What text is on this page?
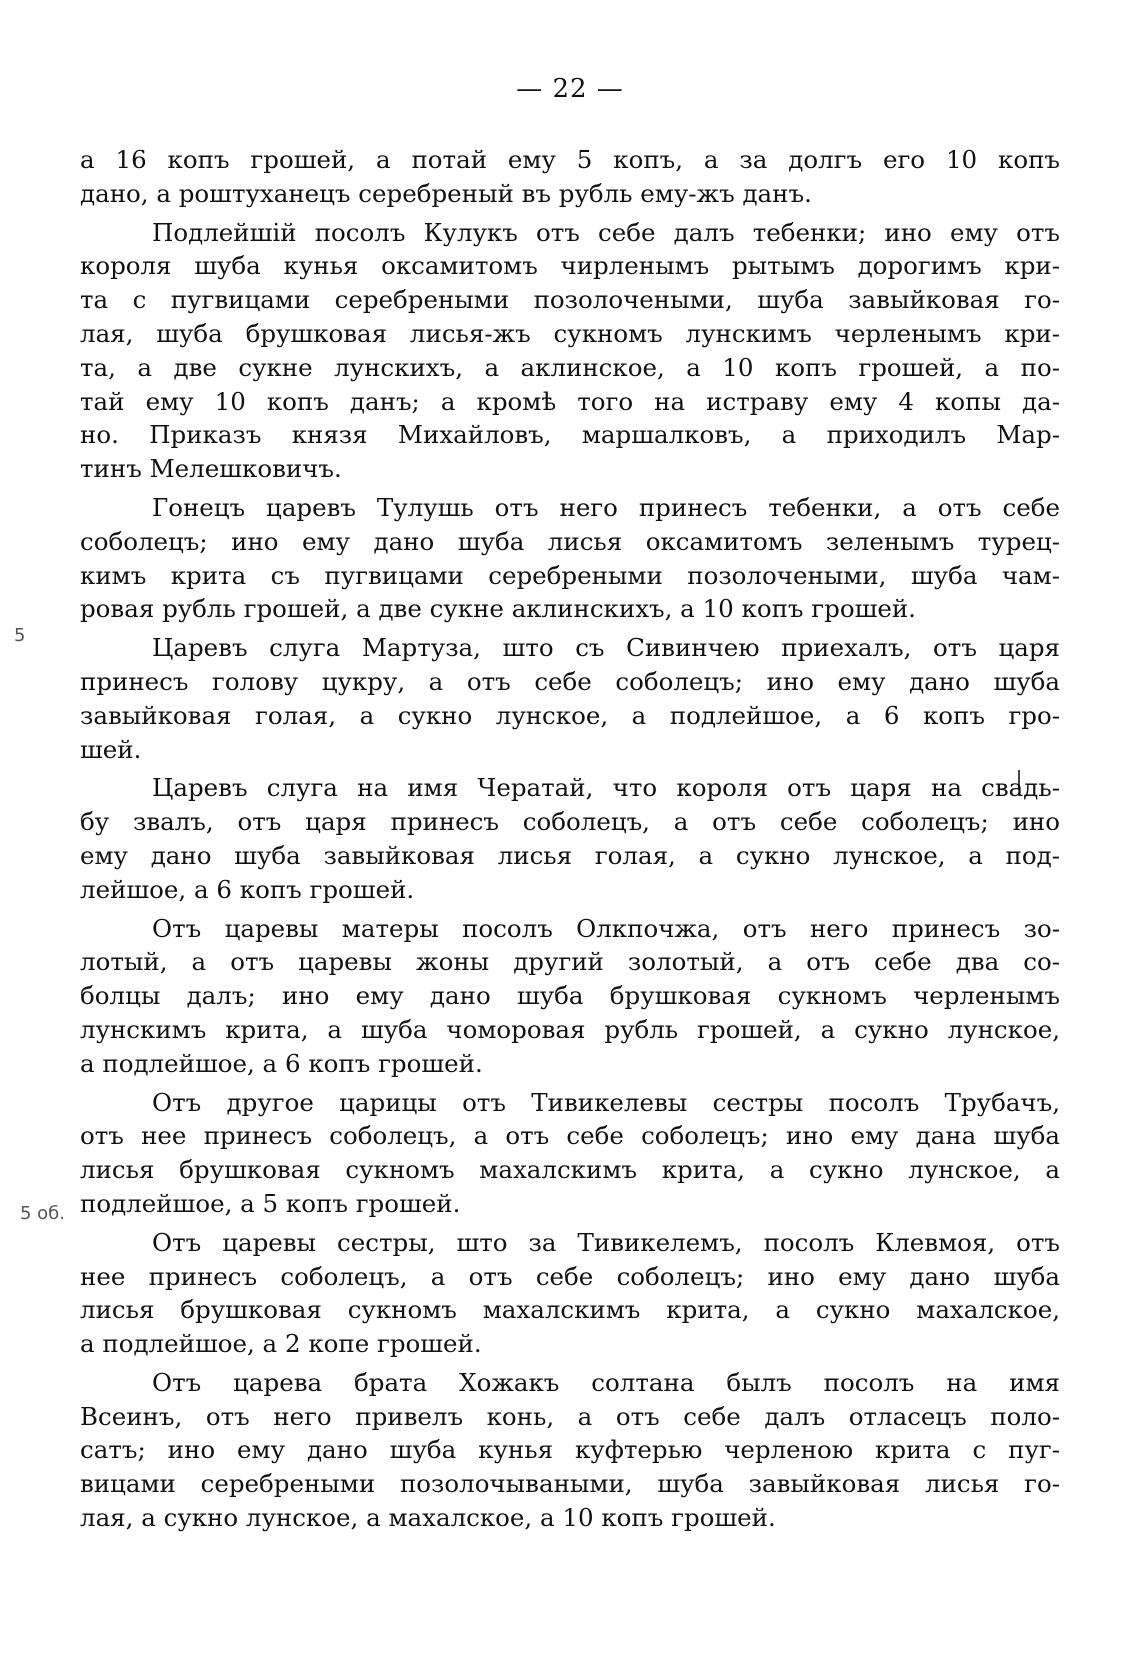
— 22 —
5
5 об.
а 16 копъ грошей, а потай ему 5 копъ, а за долгъ его 10 копъ
дано, а роштуханецъ серебреный въ рубль ему-жъ данъ.
Подлейшій посолъ Кулукъ отъ себе далъ тебенки; ино ему отъ
короля шуба кунья оксамитомъ чирленымъ рытымъ дорогимъ кри-
та с пугвицами серебреными позолочеными, шуба завыйковая го-
лая, шуба брушковая лисья-жъ сукномъ лунскимъ черленымъ кри-
та, а две сукне лунскихъ, а аклинское, а 10 копъ грошей, а по-
тай ему 10 копъ данъ; а кромѣ того на истраву ему 4 копы да-
но. Приказъ князя Михайловъ, маршалковъ, а приходилъ Мар-
тинъ Мелешковичъ.
Гонецъ царевъ Тулушь отъ него принесъ тебенки, а отъ себе
соболецъ; ино ему дано шуба лисья оксамитомъ зеленымъ турец-
кимъ крита съ пугвицами серебреными позолочеными, шуба чам-
ровая рубль грошей, а две сукне аклинскихъ, а 10 копъ грошей.
Царевъ слуга Мартуза, што съ Сивинчею приехалъ, отъ царя
принесъ голову цукру, а отъ себе соболецъ; ино ему дано шуба
завыйковая голая, а сукно лунское, а подлейшое, а 6 копъ гро-
шей.
Царевъ слуга на имя Чератай, что короля отъ царя на свадь-
бу звалъ, отъ царя принесъ соболецъ, а отъ себе соболецъ; ино
ему дано шуба завыйковая лисья голая, а сукно лунское, а под-
лейшое, а 6 копъ грошей.
Отъ царевы матеры посолъ Олкпочжа, отъ него принесъ зо-
лотый, а отъ царевы жоны другий золотый, а отъ себе два со-
болцы далъ; ино ему дано шуба брушковая сукномъ черленымъ
лунскимъ крита, а шуба чоморовая рубль грошей, а сукно лунское,
а подлейшое, а 6 копъ грошей.
Отъ другое царицы отъ Тивикелевы сестры посолъ Трубачъ,
отъ нее принесъ соболецъ, а отъ себе соболецъ; ино ему дана шуба
лисья брушковая сукномъ махалскимъ крита, а сукно лунское, а
подлейшое, а 5 копъ грошей.
Отъ царевы сестры, што за Тивикелемъ, посолъ Клевмоя, отъ
нее принесъ соболецъ, а отъ себе соболецъ; ино ему дано шуба
лисья брушковая сукномъ махалскимъ крита, а сукно махалское,
а подлейшое, а 2 копе грошей.
Отъ царева брата Хожакъ солтана былъ посолъ на имя
Всеинъ, отъ него привелъ конь, а отъ себе далъ отласецъ поло-
сатъ; ино ему дано шуба кунья куфтерью черленою крита с пуг-
вицами серебреными позолочываными, шуба завыйковая лисья го-
лая, а сукно лунское, а махалское, а 10 копъ грошей.
